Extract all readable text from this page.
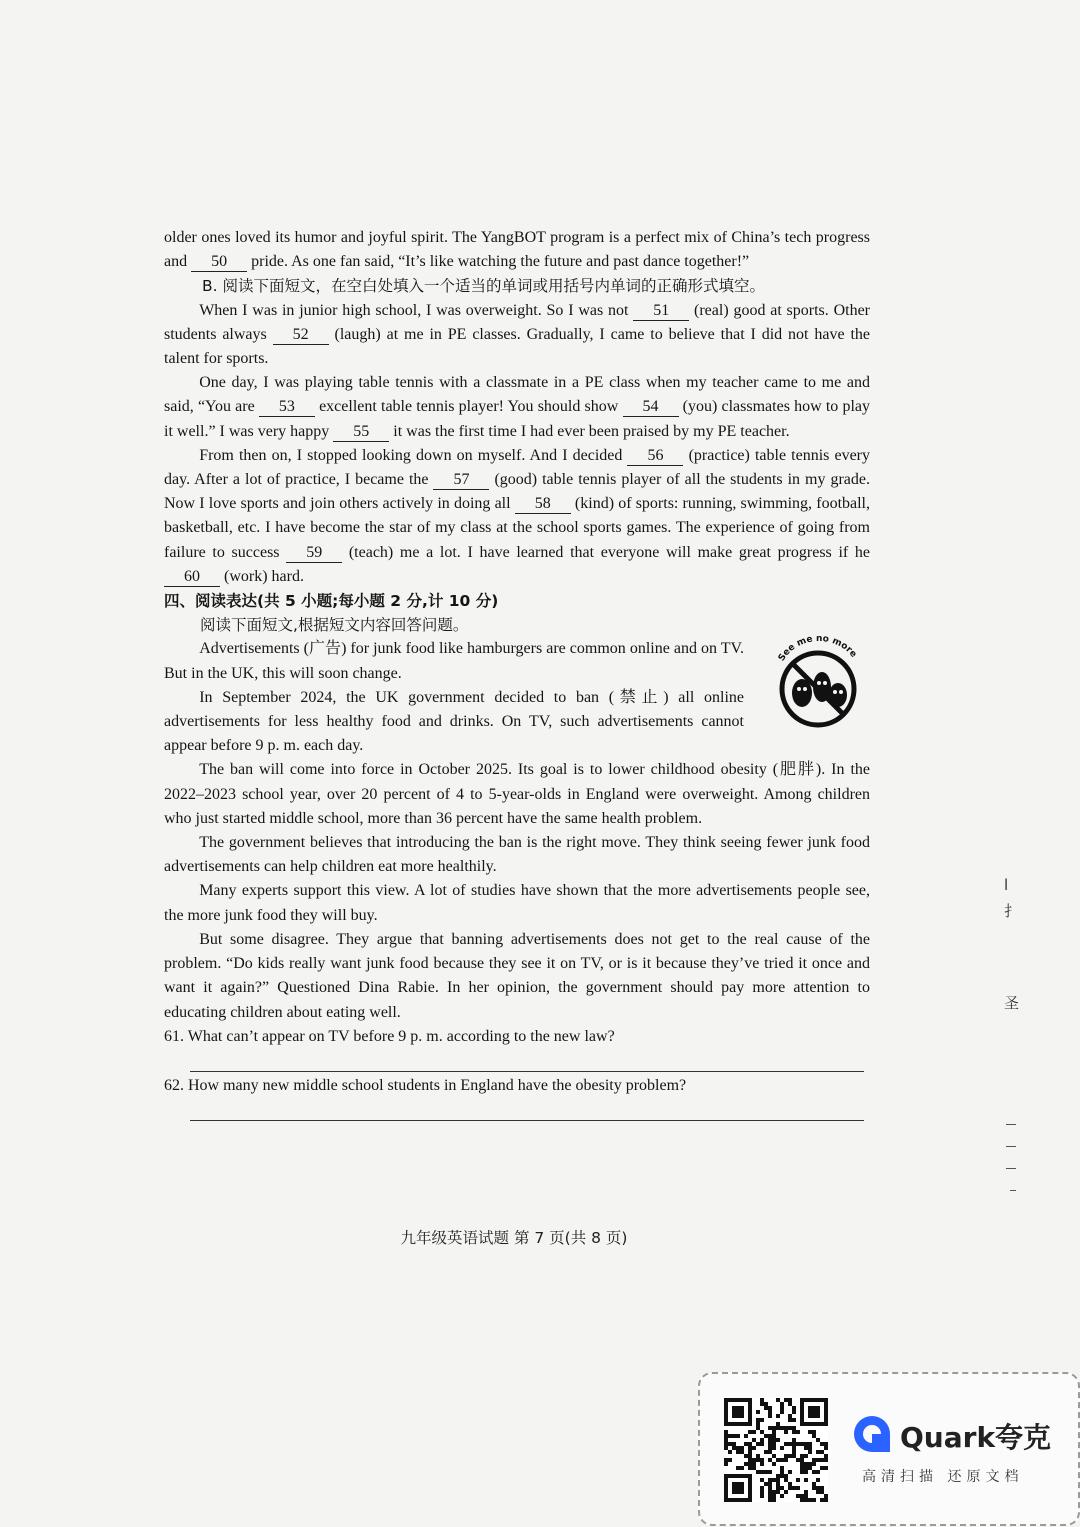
older ones loved its humor and joyful spirit. The YangBOT program is a perfect mix of China’s tech progress and 50 pride. As one fan said, “It’s like watching the future and past dance together!”

B. 阅读下面短文，在空白处填入一个适当的单词或用括号内单词的正确形式填空。

When I was in junior high school, I was overweight. So I was not 51 (real) good at sports. Other students always 52 (laugh) at me in PE classes. Gradually, I came to believe that I did not have the talent for sports.

One day, I was playing table tennis with a classmate in a PE class when my teacher came to me and said, “You are 53 excellent table tennis player! You should show 54 (you) classmates how to play it well.” I was very happy 55 it was the first time I had ever been praised by my PE teacher.

From then on, I stopped looking down on myself. And I decided 56 (practice) table tennis every day. After a lot of practice, I became the 57 (good) table tennis player of all the students in my grade. Now I love sports and join others actively in doing all 58 (kind) of sports: running, swimming, football, basketball, etc. I have become the star of my class at the school sports games. The experience of going from failure to success 59 (teach) me a lot. I have learned that everyone will make great progress if he 60 (work) hard.

四、阅读表达(共 5 小题;每小题 2 分,计 10 分)

阅读下面短文,根据短文内容回答问题。

See me no more

Advertisements (广告) for junk food like hamburgers are common online and on TV. But in the UK, this will soon change.

In September 2024, the UK government decided to ban (禁止) all online advertisements for less healthy food and drinks. On TV, such advertisements cannot appear before 9 p. m. each day.

The ban will come into force in October 2025. Its goal is to lower childhood obesity (肥胖). In the 2022–2023 school year, over 20 percent of 4 to 5-year-olds in England were overweight. Among children who just started middle school, more than 36 percent have the same health problem.

The government believes that introducing the ban is the right move. They think seeing fewer junk food advertisements can help children eat more healthily.

Many experts support this view. A lot of studies have shown that the more advertisements people see, the more junk food they will buy.

But some disagree. They argue that banning advertisements does not get to the real cause of the problem. “Do kids really want junk food because they see it on TV, or is it because they’ve tried it once and want it again?” Questioned Dina Rabie. In her opinion, the government should pay more attention to educating children about eating well.

61. What can’t appear on TV before 9 p. m. according to the new law?

62. How many new middle school students in England have the obesity problem?

九年级英语试题 第 7 页(共 8 页)
l
扌
圣
Quark夸克
高清扫描 还原文档
